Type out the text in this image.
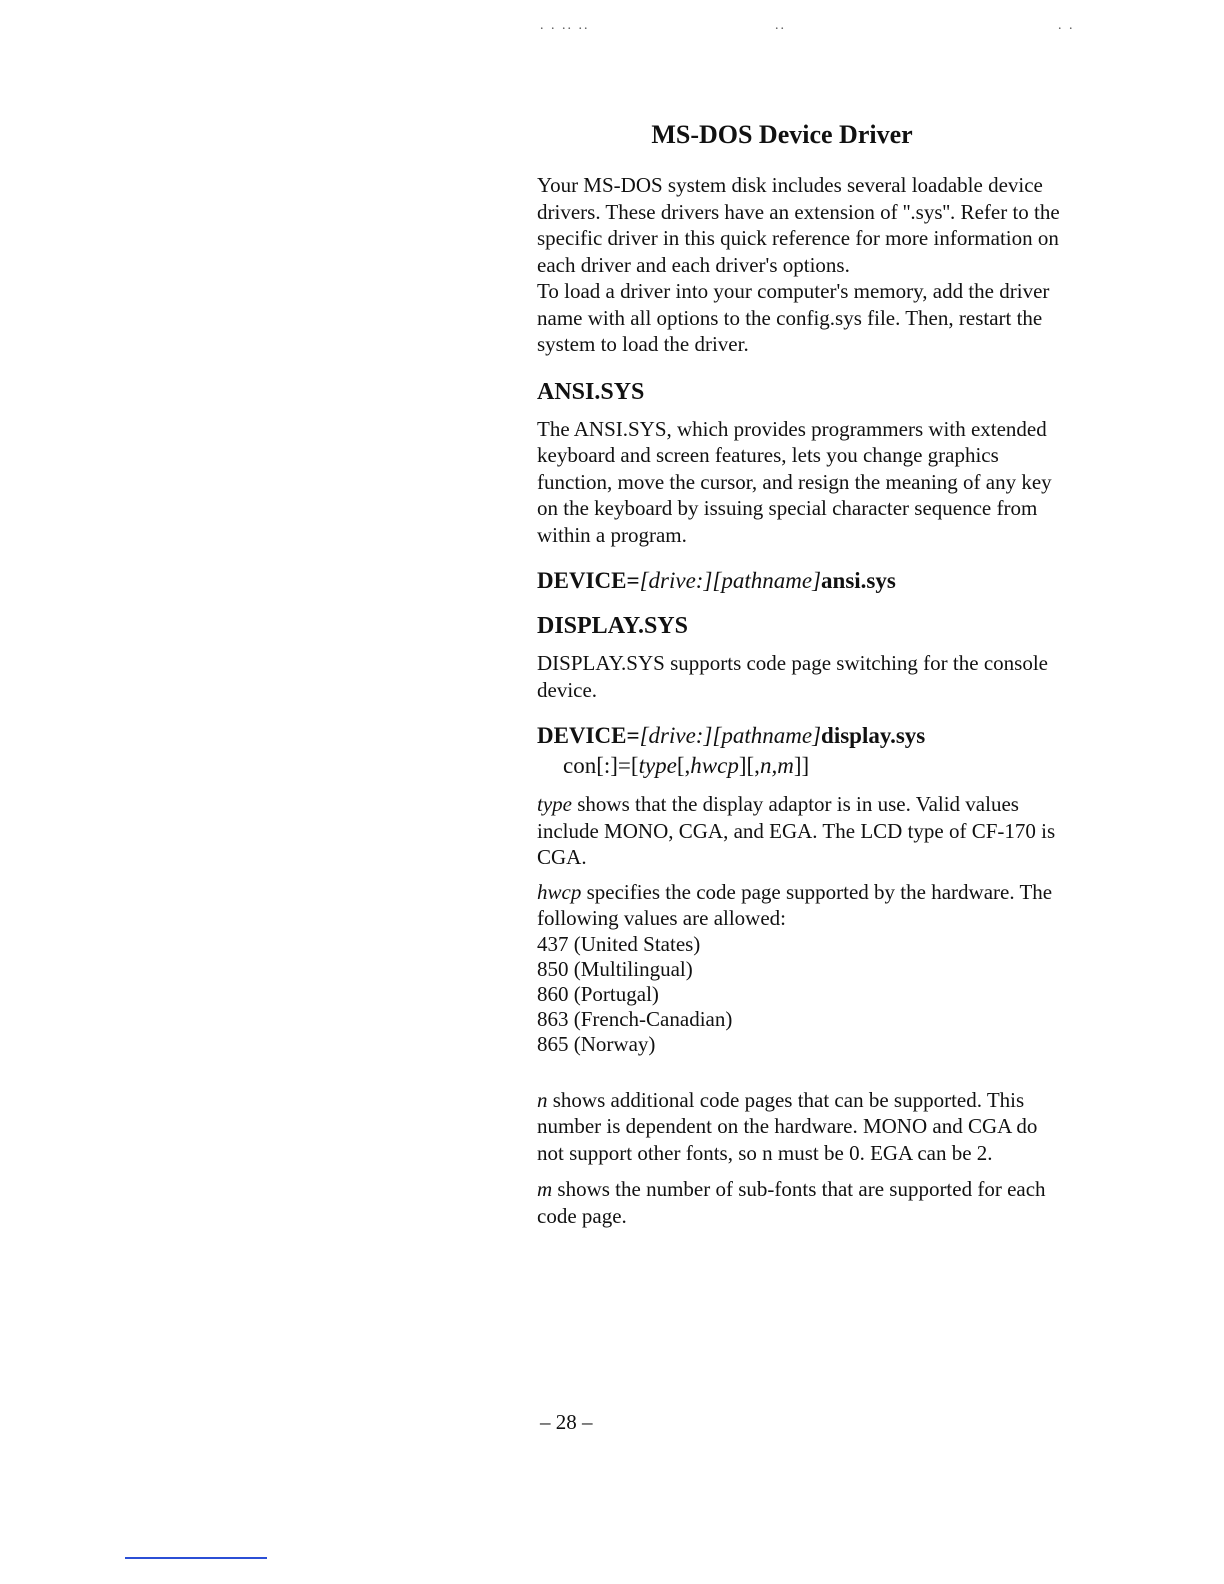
. . .. ..	..	. .
MS-DOS Device Driver

Your MS-DOS system disk includes several loadable device drivers. These drivers have an extension of ''.sys''. Refer to the specific driver in this quick reference for more information on each driver and each driver's options.

To load a driver into your computer's memory, add the driver name with all options to the config.sys file. Then, restart the system to load the driver.

ANSI.SYS

The ANSI.SYS, which provides programmers with extended keyboard and screen features, lets you change graphics function, move the cursor, and resign the meaning of any key on the keyboard by issuing special character sequence from within a program.

DEVICE=[drive:][pathname]ansi.sys

DISPLAY.SYS

DISPLAY.SYS supports code page switching for the console device.

DEVICE=[drive:][pathname]display.sys

con[:]=[type[,hwcp][,n,m]]

type shows that the display adaptor is in use. Valid values include MONO, CGA, and EGA. The LCD type of CF-170 is CGA.

hwcp specifies the code page supported by the hardware. The following values are allowed:

437 (United States)

850 (Multilingual)

860 (Portugal)

863 (French-Canadian)

865 (Norway)

n shows additional code pages that can be supported. This number is dependent on the hardware. MONO and CGA do not support other fonts, so n must be 0. EGA can be 2.

m shows the number of sub-fonts that are supported for each code page.

– 28 –
